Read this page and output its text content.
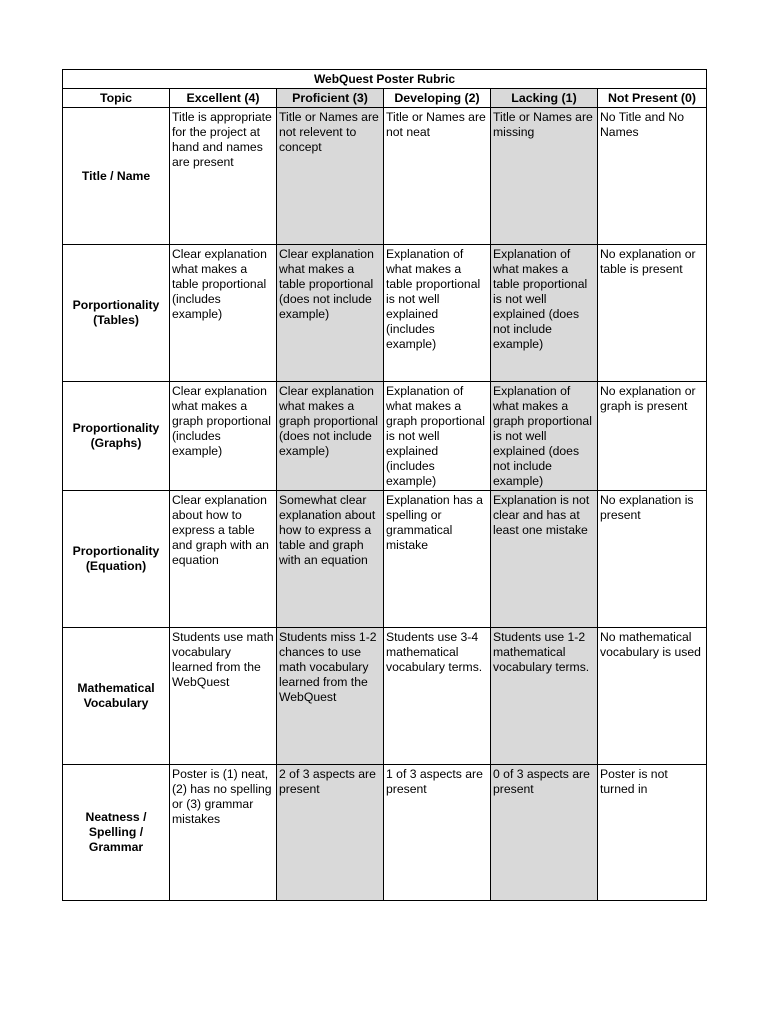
WebQuest Poster Rubric					
Topic	Excellent (4)	Proficient (3)	Developing (2)	Lacking (1)	Not Present (0)
Title / Name	Title is appropriate for the project at hand and names are present	Title or Names are not relevent to concept	Title or Names are not neat	Title or Names are missing	No Title and No Names
Porportionality (Tables)	Clear explanation what makes a table proportional (includes example)	Clear explanation what makes a table proportional (does not include example)	Explanation of what makes a table proportional is not well explained (includes example)	Explanation of what makes a table proportional is not well explained (does not include example)	No explanation or table is present
Proportionality (Graphs)	Clear explanation what makes a graph proportional (includes example)	Clear explanation what makes a graph proportional (does not include example)	Explanation of what makes a graph proportional is not well explained (includes example)	Explanation of what makes a graph proportional is not well explained (does not include example)	No explanation or graph is present
Proportionality (Equation)	Clear explanation about how to express a table and graph with an equation	Somewhat clear explanation about how to express a table and graph with an equation	Explanation has a spelling or grammatical mistake	Explanation is not clear and has at least one mistake	No explanation is present
Mathematical Vocabulary	Students use math vocabulary learned from the WebQuest	Students miss 1-2 chances to use math vocabulary learned from the WebQuest	Students use 3-4 mathematical vocabulary terms.	Students use 1-2 mathematical vocabulary terms.	No mathematical vocabulary is used
Neatness / Spelling / Grammar	Poster is (1) neat, (2) has no spelling or (3) grammar mistakes	2 of 3 aspects are present	1 of 3 aspects are present	0 of 3 aspects are present	Poster is not turned in
